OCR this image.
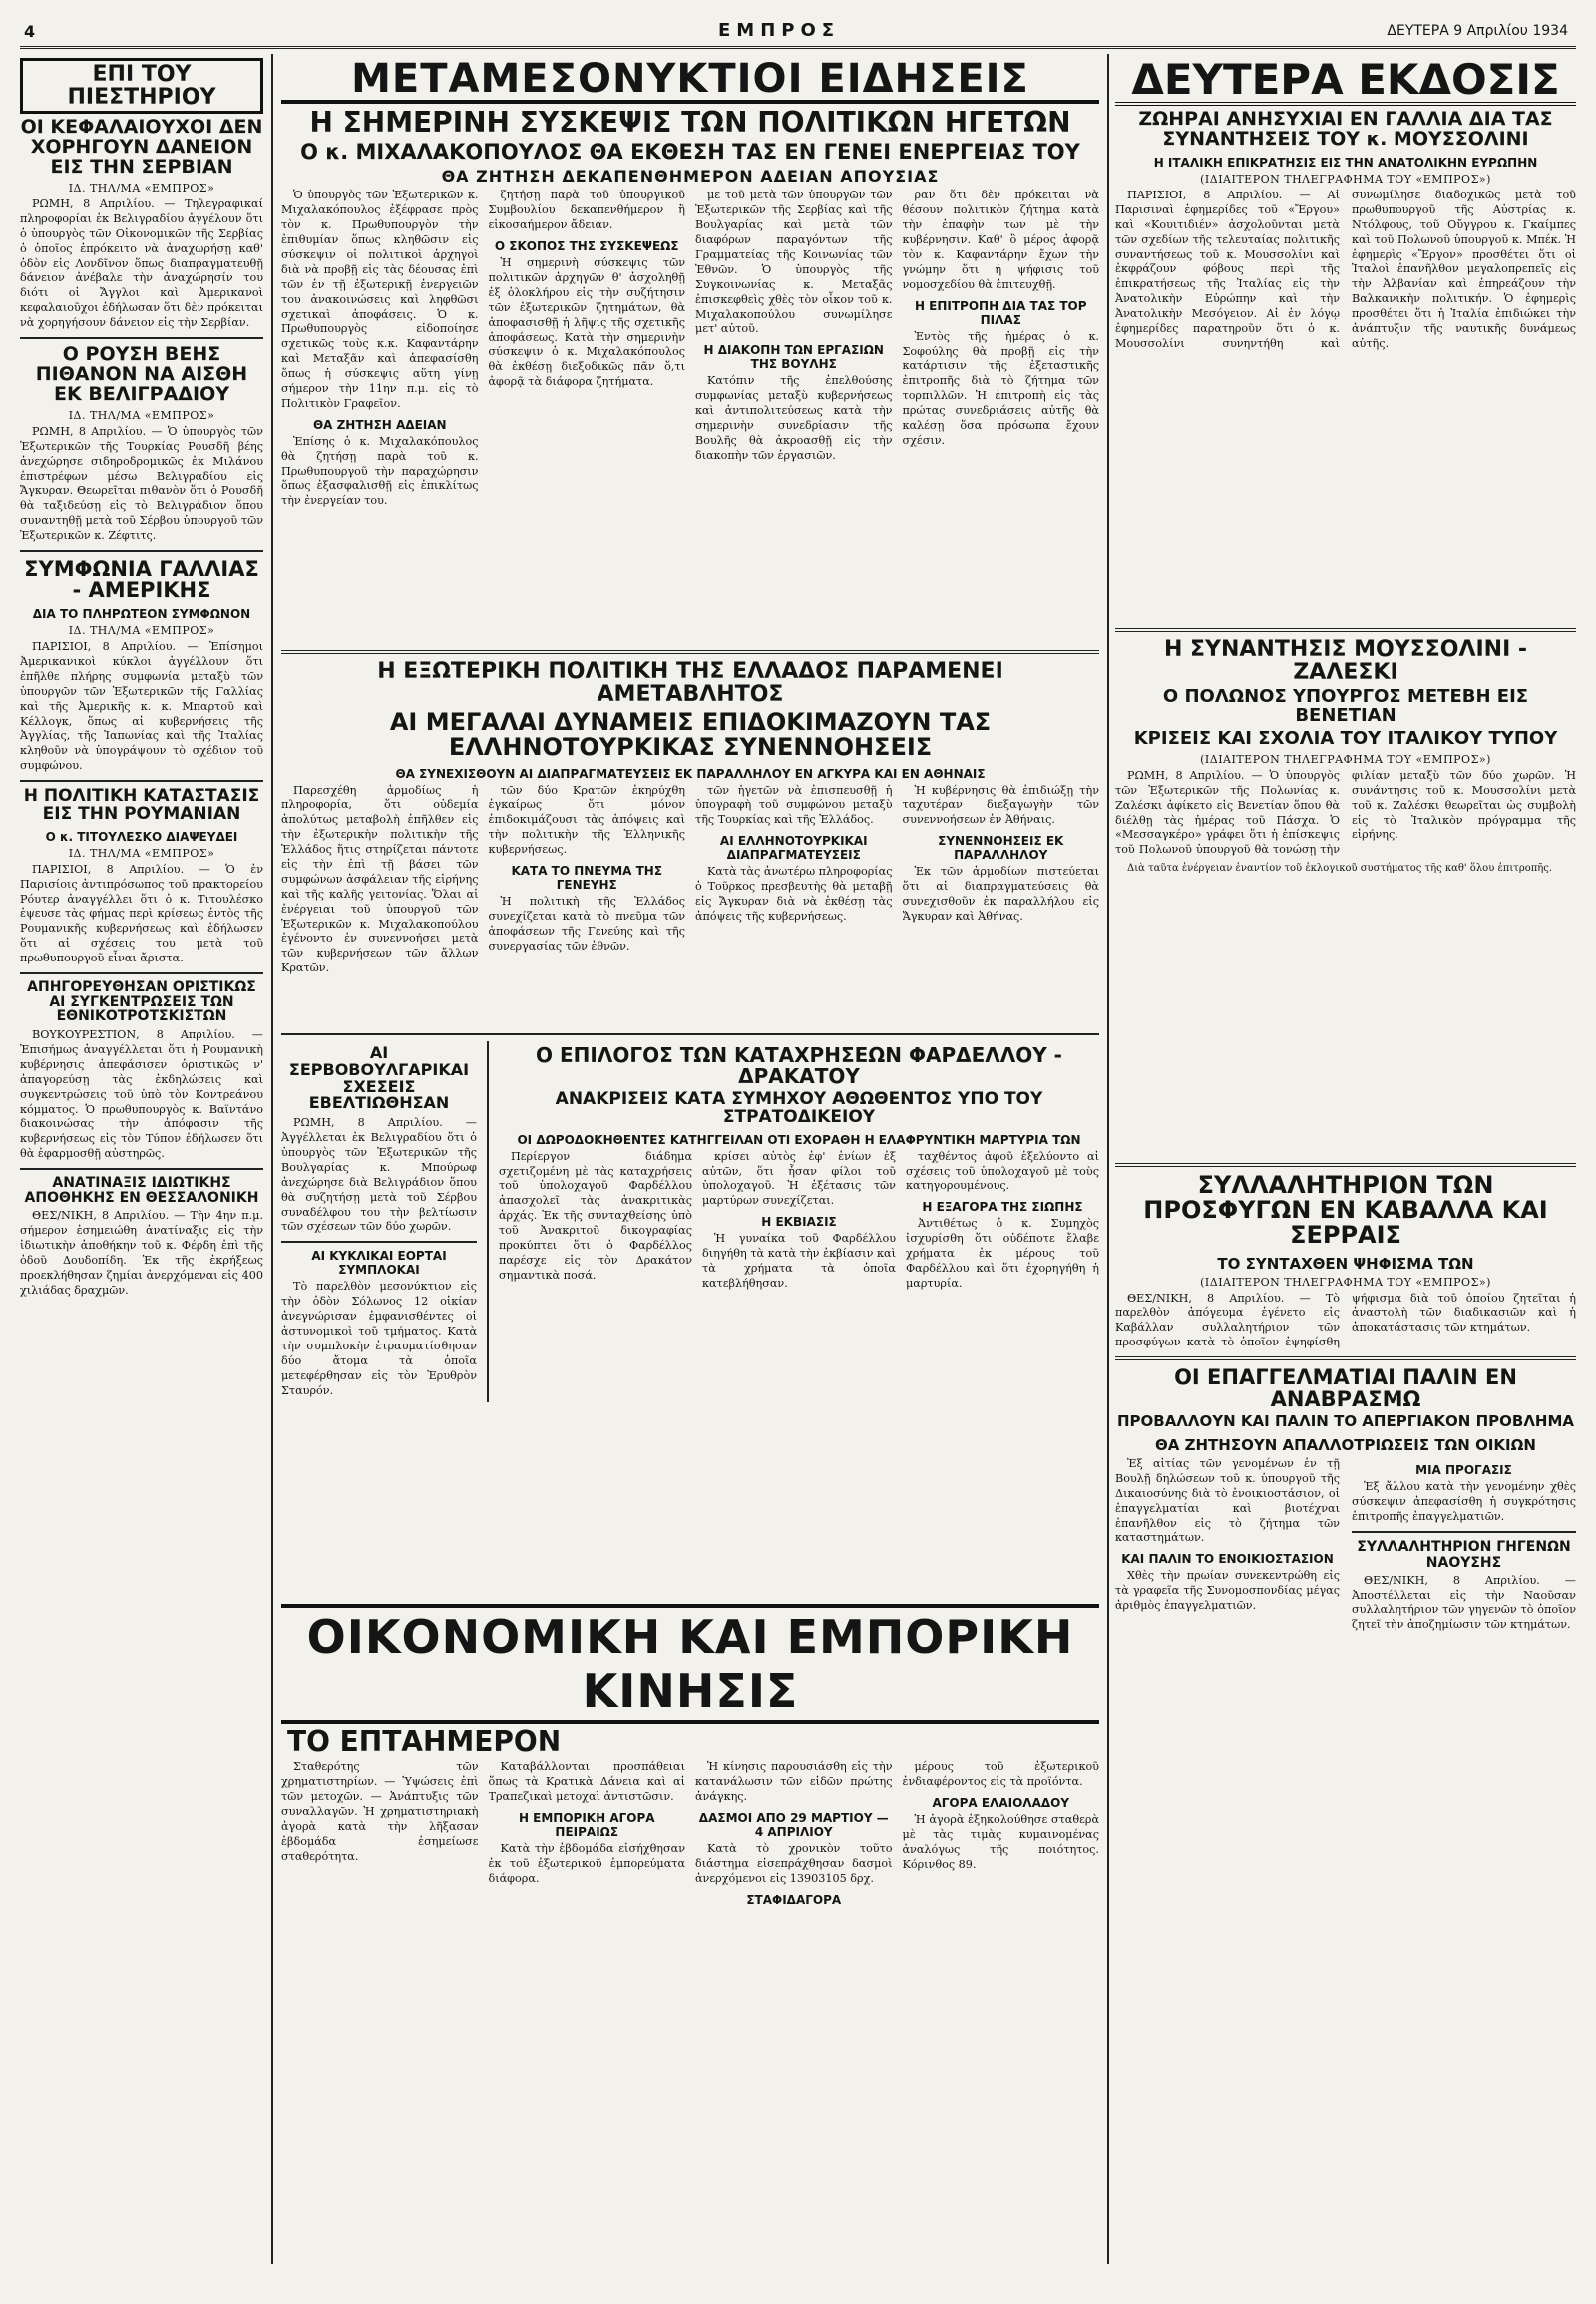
4	ΕΜΠΡΟΣ	ΔΕΥΤΕΡΑ 9 Απριλίου 1934
ΕΠΙ ΤΟΥ ΠΙΕΣΤΗΡΙΟΥ
ΟΙ ΚΕΦΑΛΑΙΟΥΧΟΙ ΔΕΝ ΧΟΡΗΓΟΥΝ ΔΑΝΕΙΟΝ ΕΙΣ ΤΗΝ ΣΕΡΒΙΑΝ
ΙΔ. ΤΗΛ/ΜΑ «ΕΜΠΡΟΣ»

ΡΩΜΗ, 8 Απριλίου. — Τηλεγραφικαί πληροφορίαι ἐκ Βελιγραδίου ἀγγέλουν ὅτι ὁ ὑπουργὸς τῶν Οἰκονομικῶν τῆς Σερβίας ὁ ὁποῖος ἐπρόκειτο νὰ ἀναχωρήσῃ καθ' ὁδὸν εἰς Λονδῖνον ὅπως διαπραγματευθῇ δάνειον ἀνέβαλε τὴν ἀναχώρησίν του διότι οἱ Ἄγγλοι καὶ Ἀμερικανοὶ κεφαλαιοῦχοι ἐδήλωσαν ὅτι δὲν πρόκειται νὰ χορηγήσουν δάνειον εἰς τὴν Σερβίαν.

Ο ΡΟΥΣΗ ΒΕΗΣ ΠΙΘΑΝΟΝ ΝΑ ΑΙΣΘΗ ΕΚ ΒΕΛΙΓΡΑΔΙΟΥ
ΙΔ. ΤΗΛ/ΜΑ «ΕΜΠΡΟΣ»

ΡΩΜΗ, 8 Απριλίου. — Ὁ ὑπουργὸς τῶν Ἐξωτερικῶν τῆς Τουρκίας Ρουσδῆ βέης ἀνεχώρησε σιδηροδρομικῶς ἐκ Μιλάνου ἐπιστρέφων μέσω Βελιγραδίου εἰς Ἄγκυραν. Θεωρεῖται πιθανὸν ὅτι ὁ Ρουσδῆ θὰ ταξιδεύσῃ εἰς τὸ Βελιγράδιον ὅπου συναντηθῇ μετὰ τοῦ Σέρβου ὑπουργοῦ τῶν Ἐξωτερικῶν κ. Ζέφτιτς.

ΣΥΜΦΩΝΙΑ ΓΑΛΛΙΑΣ - ΑΜΕΡΙΚΗΣ
ΔΙΑ ΤΟ ΠΛΗΡΩΤΕΟΝ ΣΥΜΦΩΝΟΝ
ΙΔ. ΤΗΛ/ΜΑ «ΕΜΠΡΟΣ»

ΠΑΡΙΣΙΟΙ, 8 Απριλίου. — Ἐπίσημοι Ἀμερικανικοὶ κύκλοι ἀγγέλλουν ὅτι ἐπῆλθε πλήρης συμφωνία μεταξὺ τῶν ὑπουργῶν τῶν Ἐξωτερικῶν τῆς Γαλλίας καὶ τῆς Ἀμερικῆς κ. κ. Μπαρτοῦ καὶ Κέλλογκ, ὅπως αἱ κυβερνήσεις τῆς Ἀγγλίας, τῆς Ἰαπωνίας καὶ τῆς Ἰταλίας κληθοῦν νὰ ὑπογράψουν τὸ σχέδιον τοῦ συμφώνου.

Η ΠΟΛΙΤΙΚΗ ΚΑΤΑΣΤΑΣΙΣ ΕΙΣ ΤΗΝ ΡΟΥΜΑΝΙΑΝ
Ο κ. ΤΙΤΟΥΛΕΣΚΟ ΔΙΑΨΕΥΔΕΙ
ΙΔ. ΤΗΛ/ΜΑ «ΕΜΠΡΟΣ»

ΠΑΡΙΣΙΟΙ, 8 Απριλίου. — Ὁ ἐν Παρισίοις ἀντιπρόσωπος τοῦ πρακτορείου Ρόυτερ ἀναγγέλλει ὅτι ὁ κ. Τιτουλέσκο ἐψευσε τὰς φήμας περὶ κρίσεως ἐντὸς τῆς Ρουμανικῆς κυβερνήσεως καὶ ἐδήλωσεν ὅτι αἱ σχέσεις του μετὰ τοῦ πρωθυπουργοῦ εἶναι ἄριστα.

ΑΠΗΓΟΡΕΥΘΗΣΑΝ ΟΡΙΣΤΙΚΩΣ ΑΙ ΣΥΓΚΕΝΤΡΩΣΕΙΣ ΤΩΝ ΕΘΝΙΚΟΤΡΟΤΣΚΙΣΤΩΝ

ΒΟΥΚΟΥΡΕΣΤΙΟΝ, 8 Απριλίου. — Ἐπισήμως ἀναγγέλλεται ὅτι ἡ Ρουμανικὴ κυβέρνησις ἀπεφάσισεν ὁριστικῶς ν' ἀπαγορεύσῃ τὰς ἐκδηλώσεις καὶ συγκεντρώσεις τοῦ ὑπὸ τὸν Κοντρεάνου κόμματος. Ὁ πρωθυπουργὸς κ. Βαϊντάνο διακοινώσας τὴν ἀπόφασιν τῆς κυβερνήσεως εἰς τὸν Τύπον ἐδήλωσεν ὅτι θὰ ἐφαρμοσθῇ αὐστηρῶς.

ΑΝΑΤΙΝΑΞΙΣ ΙΔΙΩΤΙΚΗΣ ΑΠΟΘΗΚΗΣ ΕΝ ΘΕΣΣΑΛΟΝΙΚΗ

ΘΕΣ/ΝΙΚΗ, 8 Απριλίου. — Τὴν 4ην π.μ. σήμερον ἐσημειώθη ἀνατίναξις εἰς τὴν ἰδιωτικὴν ἀποθήκην τοῦ κ. Φέρδη ἐπὶ τῆς ὁδοῦ Δουδοπίδη. Ἐκ τῆς ἐκρήξεως προεκλήθησαν ζημίαι ἀνερχόμεναι εἰς 400 χιλιάδας δραχμῶν.

ΜΕΤΑΜΕΣΟΝΥΚΤΙΟΙ ΕΙΔΗΣΕΙΣ
Η ΣΗΜΕΡΙΝΗ ΣΥΣΚΕΨΙΣ ΤΩΝ ΠΟΛΙΤΙΚΩΝ ΗΓΕΤΩΝ
Ο κ. ΜΙΧΑΛΑΚΟΠΟΥΛΟΣ ΘΑ ΕΚΘΕΣΗ ΤΑΣ ΕΝ ΓΕΝΕΙ ΕΝΕΡΓΕΙΑΣ ΤΟΥ
ΘΑ ΖΗΤΗΣΗ ΔΕΚΑΠΕΝΘΗΜΕΡΟΝ ΑΔΕΙΑΝ ΑΠΟΥΣΙΑΣ

Ὁ ὑπουργὸς τῶν Ἐξωτερικῶν κ. Μιχαλακόπουλος ἐξέφρασε πρὸς τὸν κ. Πρωθυπουργὸν τὴν ἐπιθυμίαν ὅπως κληθῶσιν εἰς σύσκεψιν οἱ πολιτικοὶ ἀρχηγοὶ διὰ νὰ προβῇ εἰς τὰς δέουσας ἐπὶ τῶν ἐν τῇ ἐξωτερικῇ ἐνεργειῶν του ἀνακοινώσεις καὶ ληφθῶσι σχετικαὶ ἀποφάσεις. Ὁ κ. Πρωθυπουργὸς εἰδοποίησε σχετικῶς τοὺς κ.κ. Καφαντάρην καὶ Μεταξᾶν καὶ ἀπεφασίσθη ὅπως ἡ σύσκεψις αὕτη γίνῃ σήμερον τὴν 11ην π.μ. εἰς τὸ Πολιτικὸν Γραφεῖον.

ΘΑ ΖΗΤΗΣΗ ΑΔΕΙΑΝ

Ἐπίσης ὁ κ. Μιχαλακόπουλος θὰ ζητήσῃ παρὰ τοῦ κ. Πρωθυπουργοῦ τὴν παραχώρησιν ὅπως ἐξασφαλισθῇ εἰς ἐπικλίτως τὴν ἐνεργείαν του.

ζητήσῃ παρὰ τοῦ ὑπουργικοῦ Συμβουλίου δεκαπενθήμερον ἢ εἰκοσαήμερον ἄδειαν.

Ο ΣΚΟΠΟΣ ΤΗΣ ΣΥΣΚΕΨΕΩΣ

Ἡ σημερινὴ σύσκεψις τῶν πολιτικῶν ἀρχηγῶν θ' ἀσχοληθῇ ἐξ ὁλοκλήρου εἰς τὴν συζήτησιν τῶν ἐξωτερικῶν ζητημάτων, θὰ ἀποφασισθῇ ἡ λῆψις τῆς σχετικῆς ἀποφάσεως. Κατὰ τὴν σημερινὴν σύσκεψιν ὁ κ. Μιχαλακόπουλος θὰ ἐκθέσῃ διεξοδικῶς πᾶν ὅ,τι ἀφορᾷ τὰ διάφορα ζητήματα.

με τοῦ μετὰ τῶν ὑπουργῶν τῶν Ἐξωτερικῶν τῆς Σερβίας καὶ τῆς Βουλγαρίας καὶ μετὰ τῶν διαφόρων παραγόντων τῆς Γραμματείας τῆς Κοινωνίας τῶν Ἐθνῶν. Ὁ ὑπουργὸς τῆς Συγκοινωνίας κ. Μεταξᾶς ἐπισκεφθεὶς χθὲς τὸν οἶκον τοῦ κ. Μιχαλακοπούλου συνωμίλησε μετ' αὐτοῦ.

Η ΔΙΑΚΟΠΗ ΤΩΝ ΕΡΓΑΣΙΩΝ ΤΗΣ ΒΟΥΛΗΣ

Κατόπιν τῆς ἐπελθούσης συμφωνίας μεταξὺ κυβερνήσεως καὶ ἀντιπολιτεύσεως κατὰ τὴν σημερινὴν συνεδρίασιν τῆς Βουλῆς θὰ ἀκροασθῇ εἰς τὴν διακοπὴν τῶν ἐργασιῶν.

ραν ὅτι δὲν πρόκειται νὰ θέσουν πολιτικὸν ζήτημα κατὰ τὴν ἐπαφὴν των μὲ τὴν κυβέρνησιν. Καθ' ὃ μέρος ἀφορᾷ τὸν κ. Καφαντάρην ἔχων τὴν γνώμην ὅτι ἡ ψήφισις τοῦ νομοσχεδίου θὰ ἐπιτευχθῇ.

Η ΕΠΙΤΡΟΠΗ ΔΙΑ ΤΑΣ ΤΟΡ ΠΙΛΑΣ

Ἐντὸς τῆς ἡμέρας ὁ κ. Σοφούλης θὰ προβῇ εἰς τὴν κατάρτισιν τῆς ἐξεταστικῆς ἐπιτροπῆς διὰ τὸ ζήτημα τῶν τορπιλλῶν. Ἡ ἐπιτροπὴ εἰς τὰς πρώτας συνεδριάσεις αὐτῆς θὰ καλέσῃ ὅσα πρόσωπα ἔχουν σχέσιν.

ΔΕΥΤΕΡΑ ΕΚΔΟΣΙΣ
ΖΩΗΡΑΙ ΑΝΗΣΥΧΙΑΙ ΕΝ ΓΑΛΛΙΑ ΔΙΑ ΤΑΣ ΣΥΝΑΝΤΗΣΕΙΣ ΤΟΥ κ. ΜΟΥΣΣΟΛΙΝΙ
Η ΙΤΑΛΙΚΗ ΕΠΙΚΡΑΤΗΣΙΣ ΕΙΣ ΤΗΝ ΑΝΑΤΟΛΙΚΗΝ ΕΥΡΩΠΗΝ
(ΙΔΙΑΙΤΕΡΟΝ ΤΗΛΕΓΡΑΦΗΜΑ ΤΟΥ «ΕΜΠΡΟΣ»)

ΠΑΡΙΣΙΟΙ, 8 Απριλίου. — Αἱ Παρισιναὶ ἐφημερίδες τοῦ «Ἔργου» καὶ «Κουιτιδιέν» ἀσχολοῦνται μετὰ τῶν σχεδίων τῆς τελευταίας πολιτικῆς συναντήσεως τοῦ κ. Μουσσολίνι καὶ ἐκφράζουν φόβους περὶ τῆς ἐπικρατήσεως τῆς Ἰταλίας εἰς τὴν Ἀνατολικὴν Εὐρώπην καὶ τὴν Ἀνατολικὴν Μεσόγειον. Αἱ ἐν λόγῳ ἐφημερίδες παρατηροῦν ὅτι ὁ κ. Μουσσολίνι συνηντήθη καὶ συνωμίλησε διαδοχικῶς μετὰ τοῦ πρωθυπουργοῦ τῆς Αὐστρίας κ. Ντόλφους, τοῦ Οὔγγρου κ. Γκαίμπες καὶ τοῦ Πολωνοῦ ὑπουργοῦ κ. Μπέκ. Ἡ ἐφημερὶς «Ἔργον» προσθέτει ὅτι οἱ Ἰταλοὶ ἐπανῆλθον μεγαλοπρεπεῖς εἰς τὴν Ἀλβανίαν καὶ ἐπηρεάζουν τὴν Βαλκανικὴν πολιτικήν. Ὁ ἐφημερὶς προσθέτει ὅτι ἡ Ἰταλία ἐπιδιώκει τὴν ἀνάπτυξιν τῆς ναυτικῆς δυνάμεως αὐτῆς.

Η ΕΞΩΤΕΡΙΚΗ ΠΟΛΙΤΙΚΗ ΤΗΣ ΕΛΛΑΔΟΣ ΠΑΡΑΜΕΝΕΙ ΑΜΕΤΑΒΛΗΤΟΣ
ΑΙ ΜΕΓΑΛΑΙ ΔΥΝΑΜΕΙΣ ΕΠΙΔΟΚΙΜΑΖΟΥΝ ΤΑΣ ΕΛΛΗΝΟΤΟΥΡΚΙΚΑΣ ΣΥΝΕΝΝΟΗΣΕΙΣ
ΘΑ ΣΥΝΕΧΙΣΘΟΥΝ ΑΙ ΔΙΑΠΡΑΓΜΑΤΕΥΣΕΙΣ ΕΚ ΠΑΡΑΛΛΗΛΟΥ ΕΝ ΑΓΚΥΡΑ ΚΑΙ ΕΝ ΑΘΗΝΑΙΣ

Παρεσχέθη ἀρμοδίως ἡ πληροφορία, ὅτι οὐδεμία ἀπολύτως μεταβολὴ ἐπῆλθεν εἰς τὴν ἐξωτερικὴν πολιτικὴν τῆς Ἑλλάδος ἥτις στηρίζεται πάντοτε εἰς τὴν ἐπὶ τῇ βάσει τῶν συμφώνων ἀσφάλειαν τῆς εἰρήνης καὶ τῆς καλῆς γειτονίας. Ὅλαι αἱ ἐνέργειαι τοῦ ὑπουργοῦ τῶν Ἐξωτερικῶν κ. Μιχαλακοπούλου ἐγένοντο ἐν συνεννοήσει μετὰ τῶν κυβερνήσεων τῶν ἄλλων Κρατῶν.

τῶν δύο Κρατῶν ἐκηρύχθη ἐγκαίρως ὅτι μόνον ἐπιδοκιμάζουσι τὰς ἀπόψεις καὶ τὴν πολιτικὴν τῆς Ἑλληνικῆς κυβερνήσεως.

ΚΑΤΑ ΤΟ ΠΝΕΥΜΑ ΤΗΣ ΓΕΝΕΥΗΣ

Ἡ πολιτικὴ τῆς Ἑλλάδος συνεχίζεται κατὰ τὸ πνεῦμα τῶν ἀποφάσεων τῆς Γενεύης καὶ τῆς συνεργασίας τῶν ἐθνῶν.

τῶν ἡγετῶν νὰ ἐπισπευσθῇ ἡ ὑπογραφὴ τοῦ συμφώνου μεταξὺ τῆς Τουρκίας καὶ τῆς Ἑλλάδος.

ΑΙ ΕΛΛΗΝΟΤΟΥΡΚΙΚΑΙ ΔΙΑΠΡΑΓΜΑΤΕΥΣΕΙΣ

Κατὰ τὰς ἀνωτέρω πληροφορίας ὁ Τοῦρκος πρεσβευτὴς θὰ μεταβῇ εἰς Ἄγκυραν διὰ νὰ ἐκθέσῃ τὰς ἀπόψεις τῆς κυβερνήσεως.

Ἡ κυβέρνησις θὰ ἐπιδιώξῃ τὴν ταχυτέραν διεξαγωγὴν τῶν συνεννοήσεων ἐν Ἀθήναις.

ΣΥΝΕΝΝΟΗΣΕΙΣ ΕΚ ΠΑΡΑΛΛΗΛΟΥ

Ἐκ τῶν ἀρμοδίων πιστεύεται ὅτι αἱ διαπραγματεύσεις θὰ συνεχισθοῦν ἐκ παραλλήλου εἰς Ἄγκυραν καὶ Ἀθήνας.

Η ΣΥΝΑΝΤΗΣΙΣ ΜΟΥΣΣΟΛΙΝΙ - ΖΑΛΕΣΚΙ
Ο ΠΟΛΩΝΟΣ ΥΠΟΥΡΓΟΣ ΜΕΤΕΒΗ ΕΙΣ ΒΕΝΕΤΙΑΝ
ΚΡΙΣΕΙΣ ΚΑΙ ΣΧΟΛΙΑ ΤΟΥ ΙΤΑΛΙΚΟΥ ΤΥΠΟΥ
(ΙΔΙΑΙΤΕΡΟΝ ΤΗΛΕΓΡΑΦΗΜΑ ΤΟΥ «ΕΜΠΡΟΣ»)

ΡΩΜΗ, 8 Απριλίου. — Ὁ ὑπουργὸς τῶν Ἐξωτερικῶν τῆς Πολωνίας κ. Ζαλέσκι ἀφίκετο εἰς Βενετίαν ὅπου θὰ διέλθῃ τὰς ἡμέρας τοῦ Πάσχα. Ὁ «Μεσσαγκέρο» γράφει ὅτι ἡ ἐπίσκεψις τοῦ Πολωνοῦ ὑπουργοῦ θὰ τονώσῃ τὴν φιλίαν μεταξὺ τῶν δύο χωρῶν. Ἡ συνάντησις τοῦ κ. Μουσσολίνι μετὰ τοῦ κ. Ζαλέσκι θεωρεῖται ὡς συμβολὴ εἰς τὸ Ἰταλικὸν πρόγραμμα τῆς εἰρήνης.

Διὰ ταῦτα ἐνέργειαν ἐναντίον τοῦ ἐκλογικοῦ συστήματος τῆς καθ' ὅλου ἐπιτροπῆς.

ΑΙ ΣΕΡΒΟΒΟΥΛΓΑΡΙΚΑΙ ΣΧΕΣΕΙΣ ΕΒΕΛΤΙΩΘΗΣΑΝ

ΡΩΜΗ, 8 Απριλίου. — Ἀγγέλλεται ἐκ Βελιγραδίου ὅτι ὁ ὑπουργὸς τῶν Ἐξωτερικῶν τῆς Βουλγαρίας κ. Μπούρωφ ἀνεχώρησε διὰ Βελιγράδιον ὅπου θὰ συζητήσῃ μετὰ τοῦ Σέρβου συναδέλφου του τὴν βελτίωσιν τῶν σχέσεων τῶν δύο χωρῶν.

ΑΙ ΚΥΚΛΙΚΑΙ ΕΟΡΤΑΙ ΣΥΜΠΛΟΚΑΙ

Τὸ παρελθὸν μεσονύκτιον εἰς τὴν ὁδὸν Σόλωνος 12 οἰκίαν ἀνεγνώρισαν ἐμφανισθέντες οἱ ἀστυνομικοὶ τοῦ τμήματος. Κατὰ τὴν συμπλοκὴν ἐτραυματίσθησαν δύο ἄτομα τὰ ὁποῖα μετεφέρθησαν εἰς τὸν Ἐρυθρὸν Σταυρόν.

Ο ΕΠΙΛΟΓΟΣ ΤΩΝ ΚΑΤΑΧΡΗΣΕΩΝ ΦΑΡΔΕΛΛΟΥ - ΔΡΑΚΑΤΟΥ
ΑΝΑΚΡΙΣΕΙΣ ΚΑΤΑ ΣΥΜΗΧΟΥ ΑΘΩΘΕΝΤΟΣ ΥΠΟ ΤΟΥ ΣΤΡΑΤΟΔΙΚΕΙΟΥ
ΟΙ ΔΩΡΟΔΟΚΗΘΕΝΤΕΣ ΚΑΤΗΓΓΕΙΛΑΝ ΟΤΙ ΕΧΟΡΑΘΗ Η ΕΛΑΦΡΥΝΤΙΚΗ ΜΑΡΤΥΡΙΑ ΤΩΝ

Περίεργον διάδημα σχετιζομένη μὲ τὰς καταχρήσεις τοῦ ὑπολοχαγοῦ Φαρδέλλου ἀπασχολεῖ τὰς ἀνακριτικὰς ἀρχάς. Ἐκ τῆς συνταχθείσης ὑπὸ τοῦ Ἀνακριτοῦ δικογραφίας προκύπτει ὅτι ὁ Φαρδέλλος παρέσχε εἰς τὸν Δρακάτον σημαντικὰ ποσά.

κρίσει αὐτὸς ἐφ' ἐνίων ἐξ αὐτῶν, ὅτι ἦσαν φίλοι τοῦ ὑπολοχαγοῦ. Ἡ ἐξέτασις τῶν μαρτύρων συνεχίζεται.

Η ΕΚΒΙΑΣΙΣ

Ἡ γυναίκα τοῦ Φαρδέλλου διηγήθη τὰ κατὰ τὴν ἐκβίασιν καὶ τὰ χρήματα τὰ ὁποῖα κατεβλήθησαν.

ταχθέντος ἀφοῦ ἐξελύοντο αἱ σχέσεις τοῦ ὑπολοχαγοῦ μὲ τοὺς κατηγορουμένους.

Η ΕΞΑΓΟΡΑ ΤΗΣ ΣΙΩΠΗΣ

Ἀντιθέτως ὁ κ. Συμηχὸς ἰσχυρίσθη ὅτι οὐδέποτε ἔλαβε χρήματα ἐκ μέρους τοῦ Φαρδέλλου καὶ ὅτι ἐχορηγήθη ἡ μαρτυρία.

ΣΥΛΛΑΛΗΤΗΡΙΟΝ ΤΩΝ ΠΡΟΣΦΥΓΩΝ ΕΝ ΚΑΒΑΛΛΑ ΚΑΙ ΣΕΡΡΑΙΣ
ΤΟ ΣΥΝΤΑΧΘΕΝ ΨΗΦΙΣΜΑ ΤΩΝ
(ΙΔΙΑΙΤΕΡΟΝ ΤΗΛΕΓΡΑΦΗΜΑ ΤΟΥ «ΕΜΠΡΟΣ»)

ΘΕΣ/ΝΙΚΗ, 8 Απριλίου. — Τὸ παρελθὸν ἀπόγευμα ἐγένετο εἰς Καβάλλαν συλλαλητήριον τῶν προσφύγων κατὰ τὸ ὁποῖον ἐψηφίσθη ψήφισμα διὰ τοῦ ὁποίου ζητεῖται ἡ ἀναστολὴ τῶν διαδικασιῶν καὶ ἡ ἀποκατάστασις τῶν κτημάτων.

ΟΙ ΕΠΑΓΓΕΛΜΑΤΙΑΙ ΠΑΛΙΝ ΕΝ ΑΝΑΒΡΑΣΜΩ
ΠΡΟΒΑΛΛΟΥΝ ΚΑΙ ΠΑΛΙΝ ΤΟ ΑΠΕΡΓΙΑΚΟΝ ΠΡΟΒΛΗΜΑ
ΘΑ ΖΗΤΗΣΟΥΝ ΑΠΑΛΛΟΤΡΙΩΣΕΙΣ ΤΩΝ ΟΙΚΙΩΝ

Ἐξ αἰτίας τῶν γενομένων ἐν τῇ Βουλῇ δηλώσεων τοῦ κ. ὑπουργοῦ τῆς Δικαιοσύνης διὰ τὸ ἐνοικιοστάσιον, οἱ ἐπαγγελματίαι καὶ βιοτέχναι ἐπανῆλθον εἰς τὸ ζήτημα τῶν καταστημάτων.

ΚΑΙ ΠΑΛΙΝ ΤΟ ΕΝΟΙΚΙΟΣΤΑΣΙΟΝ

Χθὲς τὴν πρωίαν συνεκεντρώθη εἰς τὰ γραφεῖα τῆς Συνομοσπονδίας μέγας ἀριθμὸς ἐπαγγελματιῶν.

ΜΙΑ ΠΡΟΓΑΣΙΣ

Ἐξ ἄλλου κατὰ τὴν γενομένην χθὲς σύσκεψιν ἀπεφασίσθη ἡ συγκρότησις ἐπιτροπῆς ἐπαγγελματιῶν.

ΣΥΛΛΑΛΗΤΗΡΙΟΝ ΓΗΓΕΝΩΝ ΝΑΟΥΣΗΣ

ΘΕΣ/ΝΙΚΗ, 8 Απριλίου. — Ἀποστέλλεται εἰς τὴν Ναοῦσαν συλλαλητήριον τῶν γηγενῶν τὸ ὁποῖον ζητεῖ τὴν ἀποζημίωσιν τῶν κτημάτων.

ΟΙΚΟΝΟΜΙΚΗ ΚΑΙ ΕΜΠΟΡΙΚΗ ΚΙΝΗΣΙΣ
ΤΟ ΕΠΤΑΗΜΕΡΟΝ

Σταθερότης τῶν χρηματιστηρίων. — Ὑψώσεις ἐπὶ τῶν μετοχῶν. — Ἀνάπτυξις τῶν συναλλαγῶν. Ἡ χρηματιστηριακὴ ἀγορὰ κατὰ τὴν λῆξασαν ἑβδομάδα ἐσημείωσε σταθερότητα.

Καταβάλλονται προσπάθειαι ὅπως τὰ Κρατικὰ Δάνεια καὶ αἱ Τραπεζικαὶ μετοχαὶ ἀντιστῶσιν.

Η ΕΜΠΟΡΙΚΗ ΑΓΟΡΑ ΠΕΙΡΑΙΩΣ

Κατὰ τὴν ἑβδομάδα εἰσήχθησαν ἐκ τοῦ ἐξωτερικοῦ ἐμπορεύματα διάφορα.

Ἡ κίνησις παρουσιάσθη εἰς τὴν κατανάλωσιν τῶν εἰδῶν πρώτης ἀνάγκης.

ΔΑΣΜΟΙ ΑΠΟ 29 ΜΑΡΤΙΟΥ — 4 ΑΠΡΙΛΙΟΥ

Κατὰ τὸ χρονικὸν τοῦτο διάστημα εἰσεπράχθησαν δασμοὶ ἀνερχόμενοι εἰς 13903105 δρχ.

ΣΤΑΦΙΔΑΓΟΡΑ

μέρους τοῦ ἐξωτερικοῦ ἐνδιαφέροντος εἰς τὰ προϊόντα.

ΑΓΟΡΑ ΕΛΑΙΟΛΑΔΟΥ

Ἡ ἀγορὰ ἐξηκολούθησε σταθερὰ μὲ τὰς τιμὰς κυμαινομένας ἀναλόγως τῆς ποιότητος. Κόρινθος 89.
